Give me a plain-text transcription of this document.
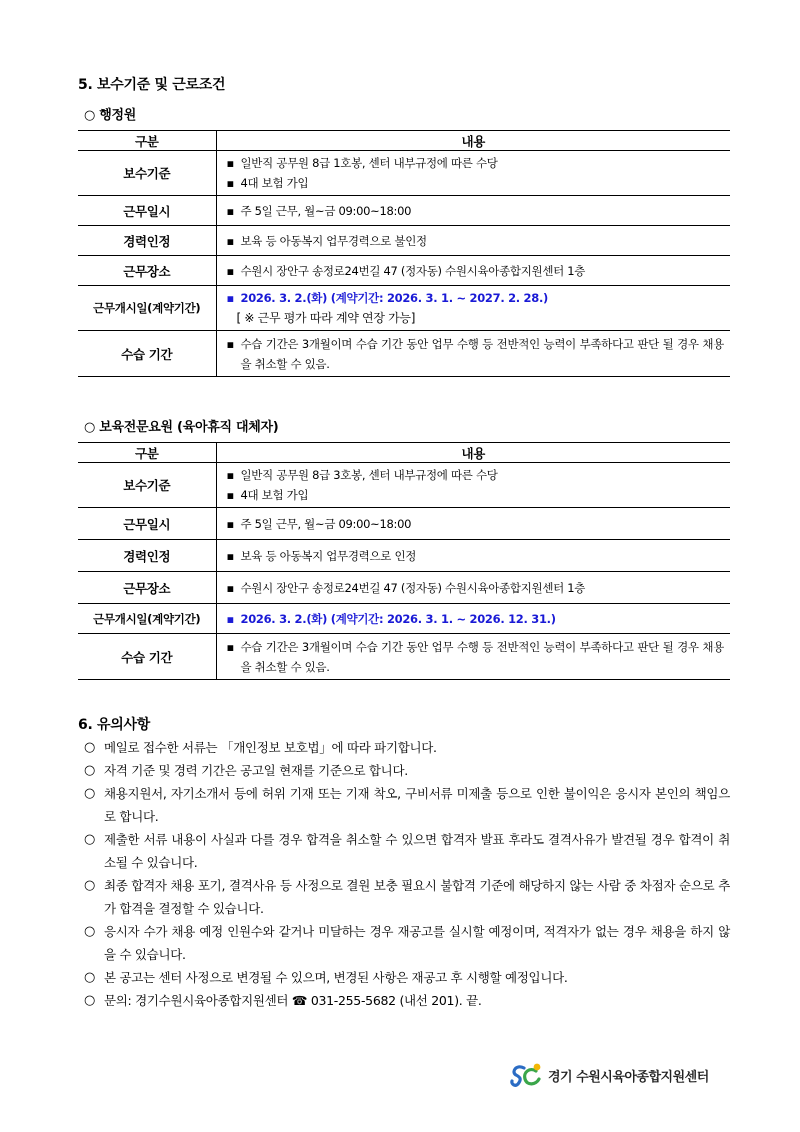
5. 보수기준 및 근로조건
○ 행정원
구분	내용
보수기준	▪ 일반직 공무원 8급 1호봉, 센터 내부규정에 따른 수당
▪ 4대 보험 가입

근무일시	▪ 주 5일 근무, 월~금 09:00~18:00

경력인정	▪ 보육 등 아동복지 업무경력으로 불인정

근무장소	▪ 수원시 장안구 송정로24번길 47 (정자동) 수원시육아종합지원센터 1층

근무개시일(계약기간)	▪ 2026. 3. 2.(화) (계약기간: 2026. 3. 1. ~ 2027. 2. 28.)
[ ※ 근무 평가 따라 계약 연장 가능]

수습 기간	▪ 수습 기간은 3개월이며 수습 기간 동안 업무 수행 등 전반적인 능력이 부족하다고 판단 될 경우 채용을 취소할 수 있음.
○ 보육전문요원 (육아휴직 대체자)
구분	내용
보수기준	▪ 일반직 공무원 8급 3호봉, 센터 내부규정에 따른 수당
▪ 4대 보험 가입

근무일시	▪ 주 5일 근무, 월~금 09:00~18:00

경력인정	▪ 보육 등 아동복지 업무경력으로 인정

근무장소	▪ 수원시 장안구 송정로24번길 47 (정자동) 수원시육아종합지원센터 1층

근무개시일(계약기간)	▪ 2026. 3. 2.(화) (계약기간: 2026. 3. 1. ~ 2026. 12. 31.)

수습 기간	▪ 수습 기간은 3개월이며 수습 기간 동안 업무 수행 등 전반적인 능력이 부족하다고 판단 될 경우 채용을 취소할 수 있음.
6. 유의사항
○ 메일로 접수한 서류는 「개인정보 보호법」에 따라 파기합니다.
○ 자격 기준 및 경력 기간은 공고일 현재를 기준으로 합니다.
○ 채용지원서, 자기소개서 등에 허위 기재 또는 기재 착오, 구비서류 미제출 등으로 인한 불이익은 응시자 본인의 책임으로 합니다.
○ 제출한 서류 내용이 사실과 다를 경우 합격을 취소할 수 있으면 합격자 발표 후라도 결격사유가 발견될 경우 합격이 취소될 수 있습니다.
○ 최종 합격자 채용 포기, 결격사유 등 사정으로 결원 보충 필요시 불합격 기준에 해당하지 않는 사람 중 차점자 순으로 추가 합격을 결정할 수 있습니다.
○ 응시자 수가 채용 예정 인원수와 같거나 미달하는 경우 재공고를 실시할 예정이며, 적격자가 없는 경우 채용을 하지 않을 수 있습니다.
○ 본 공고는 센터 사정으로 변경될 수 있으며, 변경된 사항은 재공고 후 시행할 예정입니다.
○ 문의: 경기수원시육아종합지원센터 ☎ 031-255-5682 (내선 201). 끝.
경기 수원시육아종합지원센터
